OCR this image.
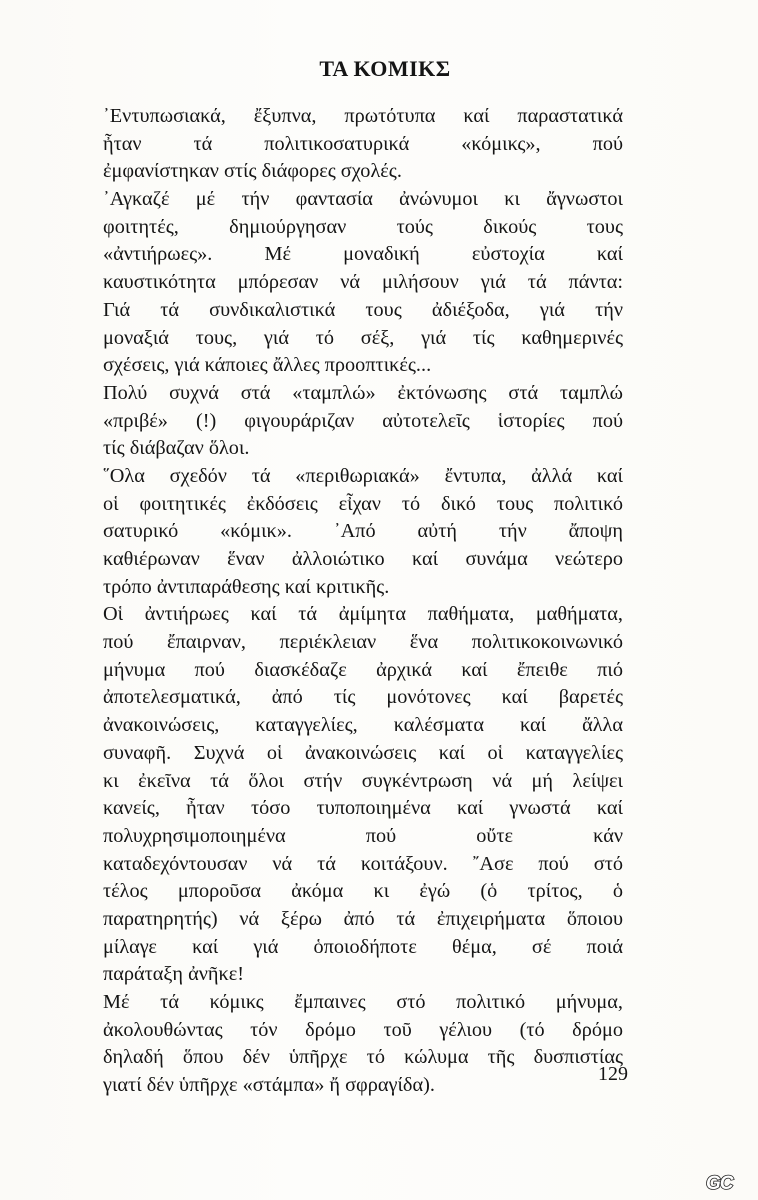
ΤΑ ΚΟΜΙΚΣ
᾿Εντυπωσιακά, ἔξυπνα, πρωτότυπα καί παραστατικά
ἦταν τά πολιτικοσατυρικά «κόμικς», πού
ἐμφανίστηκαν στίς διάφορες σχολές.
᾿Αγκαζέ μέ τήν φαντασία ἀνώνυμοι κι ἄγνωστοι
φοιτητές, δημιούργησαν τούς δικούς τους
«ἀντιήρωες». Μέ μοναδική εὐστοχία καί
καυστικότητα μπόρεσαν νά μιλήσουν γιά τά πάντα:
Γιά τά συνδικαλιστικά τους ἀδιέξοδα, γιά τήν
μοναξιά τους, γιά τό σέξ, γιά τίς καθημερινές
σχέσεις, γιά κάποιες ἄλλες προοπτικές...
Πολύ συχνά στά «ταμπλώ» ἐκτόνωσης στά ταμπλώ
«πριβέ» (!) φιγουράριζαν αὐτοτελεῖς ἱστορίες πού
τίς διάβαζαν ὅλοι.
῞Ολα σχεδόν τά «περιθωριακά» ἔντυπα, ἀλλά καί
οἱ φοιτητικές ἐκδόσεις εἶχαν τό δικό τους πολιτικό
σατυρικό «κόμικ». ᾿Από αὐτή τήν ἄποψη
καθιέρωναν ἕναν ἀλλοιώτικο καί συνάμα νεώτερο
τρόπο ἀντιπαράθεσης καί κριτικῆς.
Οἱ ἀντιήρωες καί τά ἀμίμητα παθήματα, μαθήματα,
πού ἔπαιρναν, περιέκλειαν ἕνα πολιτικοκοινωνικό
μήνυμα πού διασκέδαζε ἀρχικά καί ἔπειθε πιό
ἀποτελεσματικά, ἀπό τίς μονότονες καί βαρετές
ἀνακοινώσεις, καταγγελίες, καλέσματα καί ἄλλα
συναφῆ. Συχνά οἱ ἀνακοινώσεις καί οἱ καταγγελίες
κι ἐκεῖνα τά ὅλοι στήν συγκέντρωση νά μή λείψει
κανείς, ἦταν τόσο τυποποιημένα καί γνωστά καί
πολυχρησιμοποιημένα πού οὔτε κάν
καταδεχόντουσαν νά τά κοιτάξουν. ῎Ασε πού στό
τέλος μποροῦσα ἀκόμα κι ἐγώ (ὁ τρίτος, ὁ
παρατηρητής) νά ξέρω ἀπό τά ἐπιχειρήματα ὅποιου
μίλαγε καί γιά ὁποιοδήποτε θέμα, σέ ποιά
παράταξη ἀνῆκε!
Μέ τά κόμικς ἔμπαινες στό πολιτικό μήνυμα,
ἀκολουθώντας τόν δρόμο τοῦ γέλιου (τό δρόμο
δηλαδή ὅπου δέν ὑπῆρχε τό κώλυμα τῆς δυσπιστίας
γιατί δέν ὑπῆρχε «στάμπα» ἤ σφραγίδα).
129
GC
